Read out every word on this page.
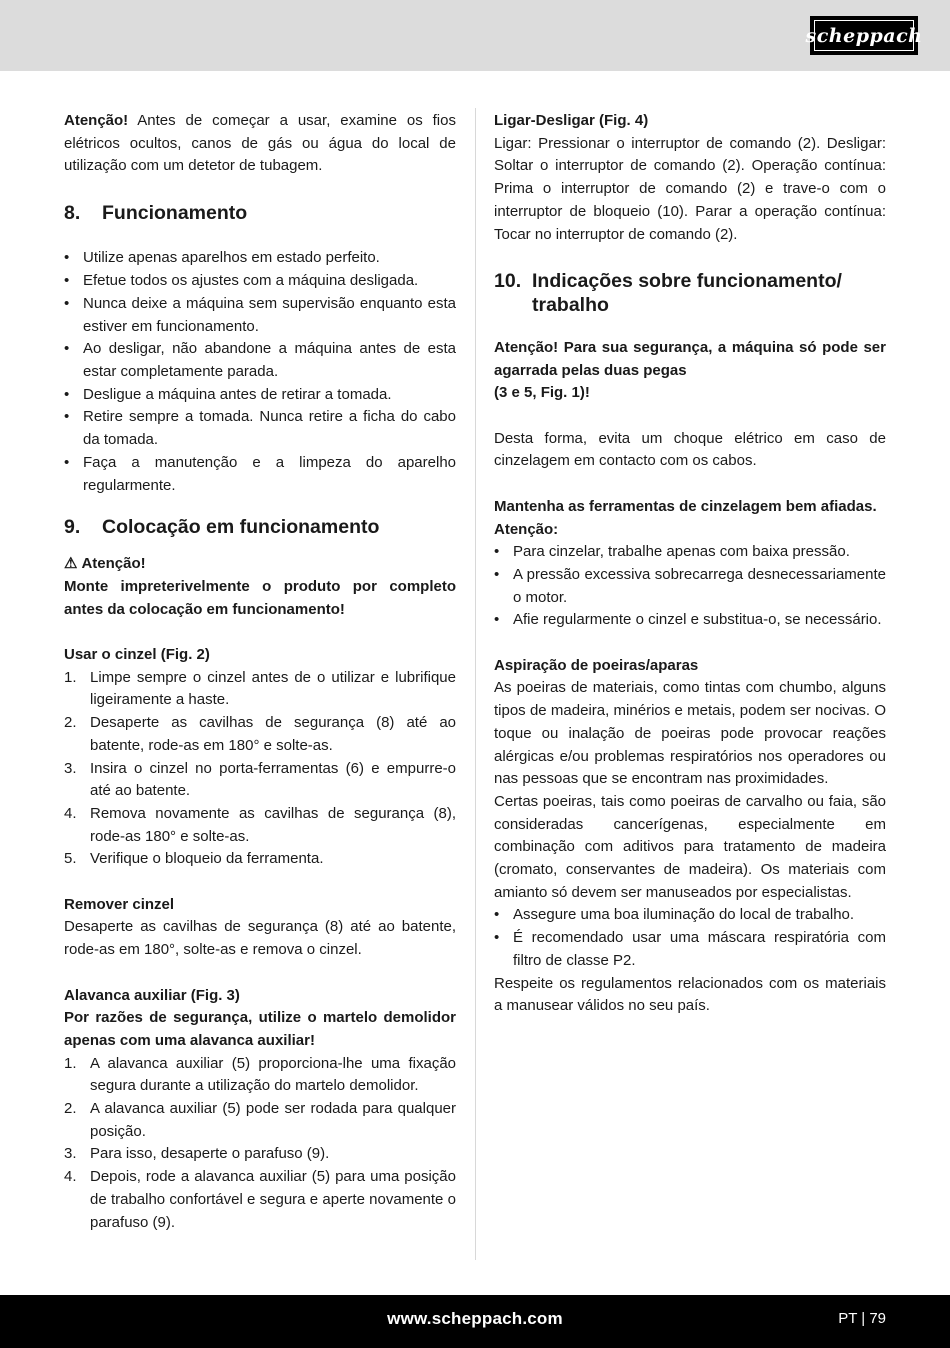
scheppach

Atenção! Antes de começar a usar, examine os fios elétricos ocultos, canos de gás ou água do local de utilização com um detetor de tubagem.

8.	Funcionamento
• Utilize apenas aparelhos em estado perfeito.
• Efetue todos os ajustes com a máquina desligada.
• Nunca deixe a máquina sem supervisão enquanto esta estiver em funcionamento.
• Ao desligar, não abandone a máquina antes de esta estar completamente parada.
• Desligue a máquina antes de retirar a tomada.
• Retire sempre a tomada. Nunca retire a ficha do cabo da tomada.
• Faça a manutenção e a limpeza do aparelho regularmente.
9.	Colocação em funcionamento

⚠ Atenção!

Monte impreterivelmente o produto por completo antes da colocação em funcionamento!

Usar o cinzel (Fig. 2)

1. Limpe sempre o cinzel antes de o utilizar e lubrifique ligeiramente a haste.
2. Desaperte as cavilhas de segurança (8) até ao batente, rode-as em 180° e solte-as.
3. Insira o cinzel no porta-ferramentas (6) e empurre-o até ao batente.
4. Remova novamente as cavilhas de segurança (8), rode-as 180° e solte-as.
5. Verifique o bloqueio da ferramenta.

Remover cinzel

Desaperte as cavilhas de segurança (8) até ao batente, rode-as em 180°, solte-as e remova o cinzel.

Alavanca auxiliar (Fig. 3)

Por razões de segurança, utilize o martelo demolidor apenas com uma alavanca auxiliar!

1. A alavanca auxiliar (5) proporciona-lhe uma fixação segura durante a utilização do martelo demolidor.
2. A alavanca auxiliar (5) pode ser rodada para qualquer posição.
3. Para isso, desaperte o parafuso (9).
4. Depois, rode a alavanca auxiliar (5) para uma posição de trabalho confortável e segura e aperte novamente o parafuso (9).

Ligar-Desligar (Fig. 4)

Ligar: Pressionar o interruptor de comando (2). Desligar: Soltar o interruptor de comando (2). Operação contínua: Prima o interruptor de comando (2) e trave-o com o interruptor de bloqueio (10). Parar a operação contínua: Tocar no interruptor de comando (2).

10. Indicações sobre funcionamento/ trabalho

Atenção! Para sua segurança, a máquina só pode ser agarrada pelas duas pegas

(3 e 5, Fig. 1)!

Desta forma, evita um choque elétrico em caso de cinzelagem em contacto com os cabos.

Mantenha as ferramentas de cinzelagem bem afiadas.

Atenção:

• Para cinzelar, trabalhe apenas com baixa pressão.
• A pressão excessiva sobrecarrega desnecessariamente o motor.
• Afie regularmente o cinzel e substitua-o, se necessário.

Aspiração de poeiras/aparas

As poeiras de materiais, como tintas com chumbo, alguns tipos de madeira, minérios e metais, podem ser nocivas. O toque ou inalação de poeiras pode provocar reações alérgicas e/ou problemas respiratórios nos operadores ou nas pessoas que se encontram nas proximidades.

Certas poeiras, tais como poeiras de carvalho ou faia, são consideradas cancerígenas, especialmente em combinação com aditivos para tratamento de madeira (cromato, conservantes de madeira). Os materiais com amianto só devem ser manuseados por especialistas.

• Assegure uma boa iluminação do local de trabalho.
• É recomendado usar uma máscara respiratória com filtro de classe P2.

Respeite os regulamentos relacionados com os materiais a manusear válidos no seu país.

www.scheppach.com	PT | 79
